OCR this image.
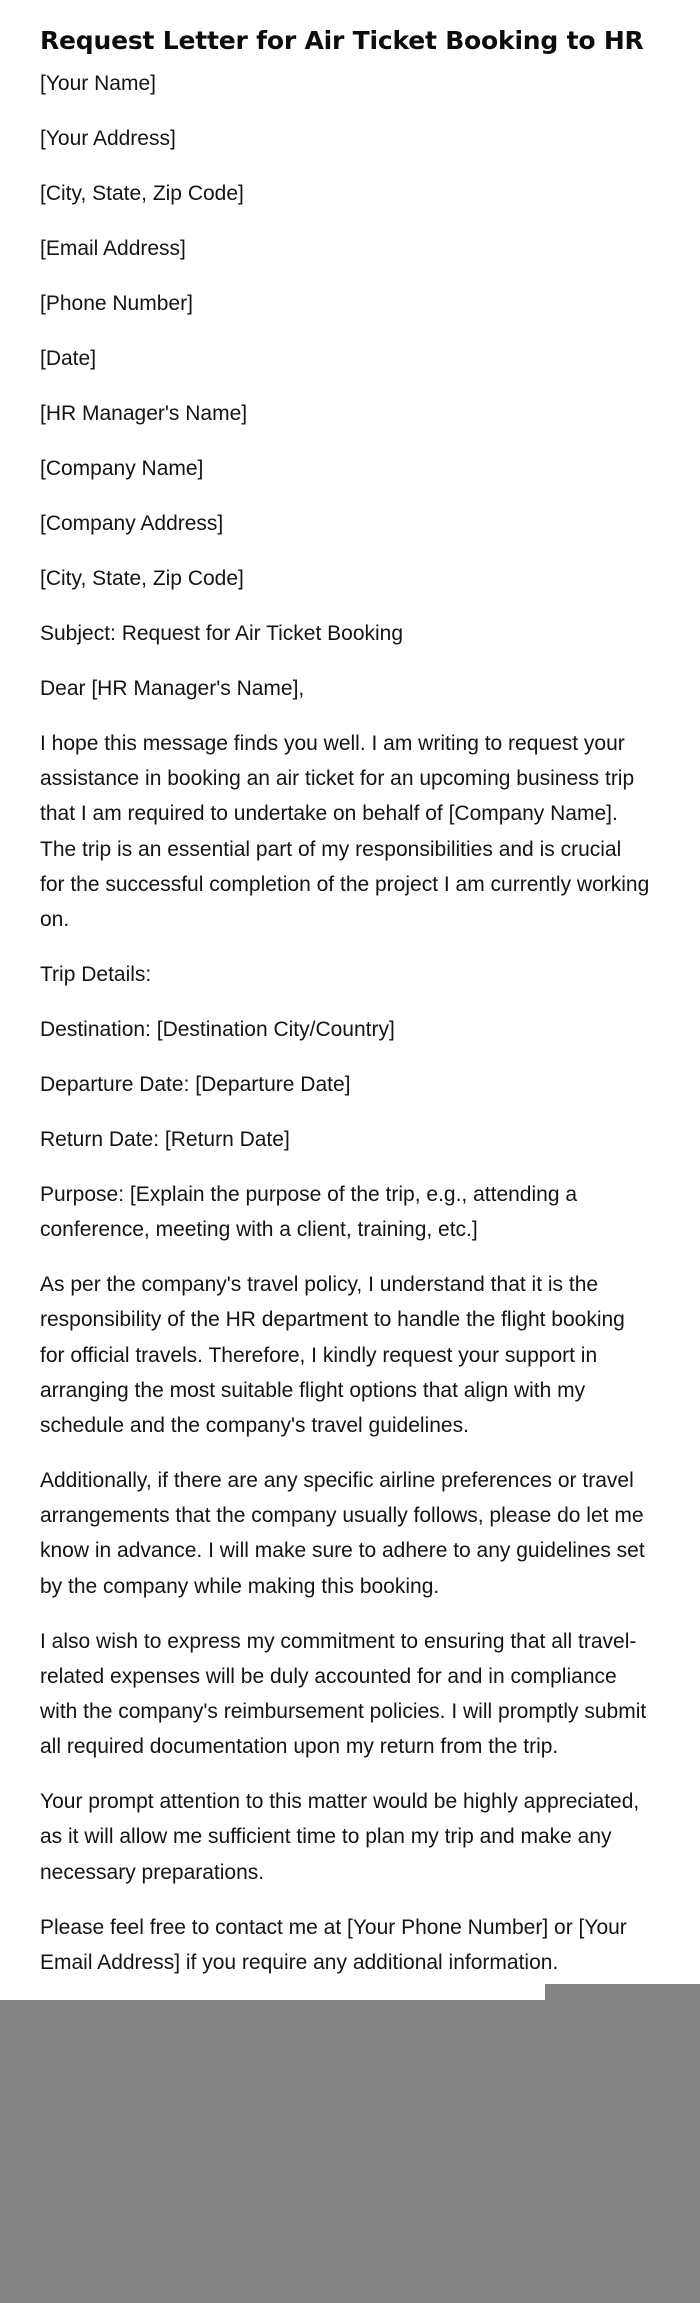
Request Letter for Air Ticket Booking to HR

[Your Name]

[Your Address]

[City, State, Zip Code]

[Email Address]

[Phone Number]

[Date]

[HR Manager's Name]

[Company Name]

[Company Address]

[City, State, Zip Code]

Subject: Request for Air Ticket Booking

Dear [HR Manager's Name],

I hope this message finds you well. I am writing to request your assistance in booking an air ticket for an upcoming business trip that I am required to undertake on behalf of [Company Name]. The trip is an essential part of my responsibilities and is crucial for the successful completion of the project I am currently working on.

Trip Details:

Destination: [Destination City/Country]

Departure Date: [Departure Date]

Return Date: [Return Date]

Purpose: [Explain the purpose of the trip, e.g., attending a conference, meeting with a client, training, etc.]

As per the company's travel policy, I understand that it is the responsibility of the HR department to handle the flight booking for official travels. Therefore, I kindly request your support in arranging the most suitable flight options that align with my schedule and the company's travel guidelines.

Additionally, if there are any specific airline preferences or travel arrangements that the company usually follows, please do let me know in advance. I will make sure to adhere to any guidelines set by the company while making this booking.

I also wish to express my commitment to ensuring that all travel-related expenses will be duly accounted for and in compliance with the company's reimbursement policies. I will promptly submit all required documentation upon my return from the trip.

Your prompt attention to this matter would be highly appreciated, as it will allow me sufficient time to plan my trip and make any necessary preparations.

Please feel free to contact me at [Your Phone Number] or [Your Email Address] if you require any additional information.
